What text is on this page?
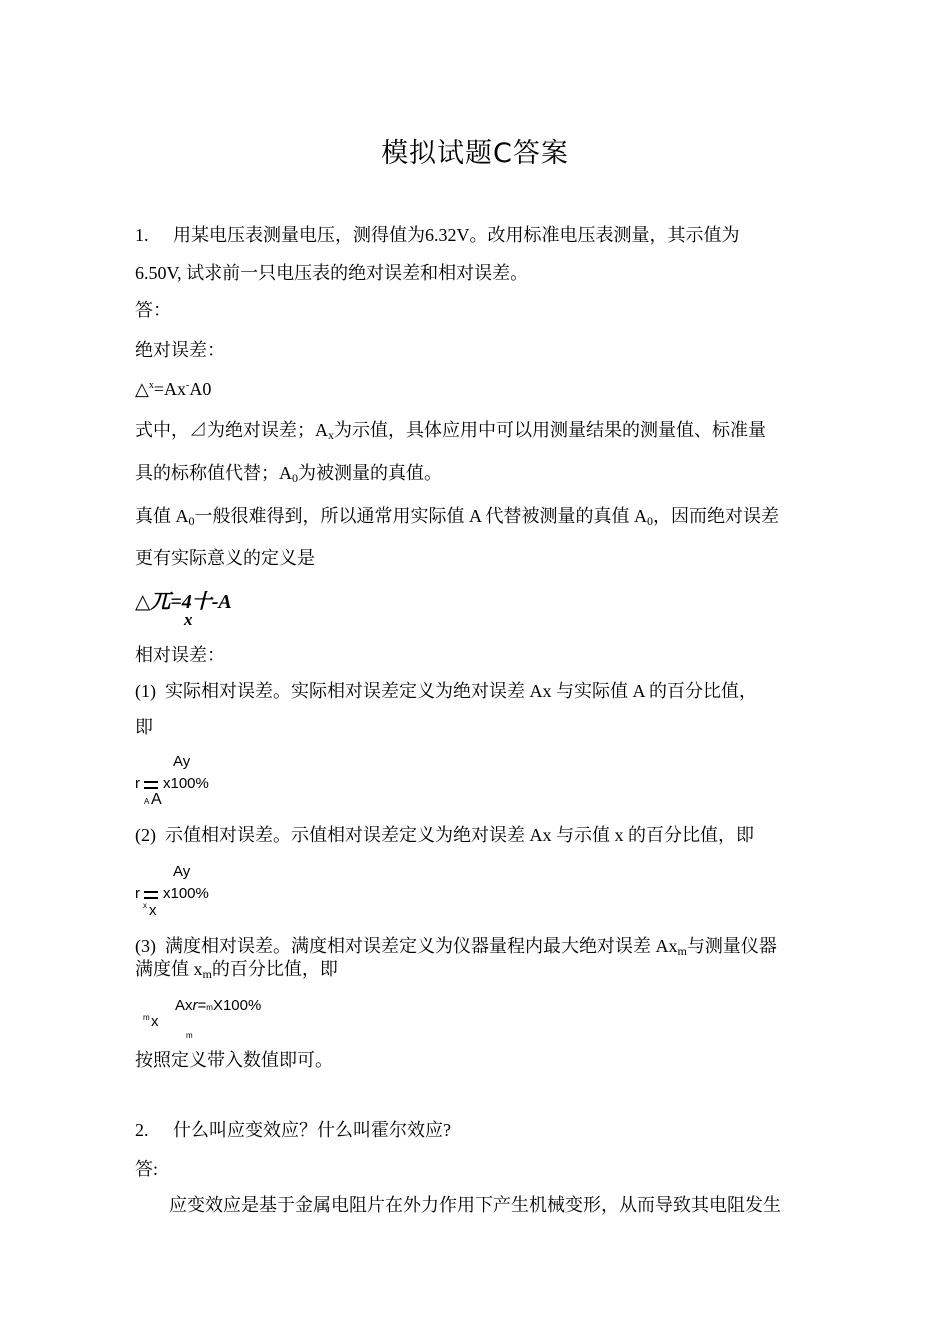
模拟试题C答案
1. 用某电压表测量电压，测得值为6.32V。改用标准电压表测量，其示值为
6.50V, 试求前一只电压表的绝对误差和相对误差。
答：
绝对误差：
△$^x$=Ax-A0
式中，⊿为绝对误差；$A_x$为示值，具体应用中可以用测量结果的测量值、标准量
具的标称值代替；$A_0$为被测量的真值。
真值 $A_0$一般很难得到，所以通常用实际值 A 代替被测量的真值 $A_0$，因而绝对误差
更有实际意义的定义是
△兀=4十-A
x
相对误差：
(1) 实际相对误差。实际相对误差定义为绝对误差 Ax 与实际值 A 的百分比值，
即
Ay
r x100%
A A
(2) 示值相对误差。示值相对误差定义为绝对误差 Ax 与示值 x 的百分比值，即
Ay
r x100%
x x
(3) 满度相对误差。满度相对误差定义为仪器量程内最大绝对误差 $Ax_m$与测量仪器
满度值 $x_m$的百分比值，即
Axr=mX100%
m x
m
按照定义带入数值即可。
2. 什么叫应变效应？什么叫霍尔效应?
答:
应变效应是基于金属电阻片在外力作用下产生机械变形，从而导致其电阻发生
